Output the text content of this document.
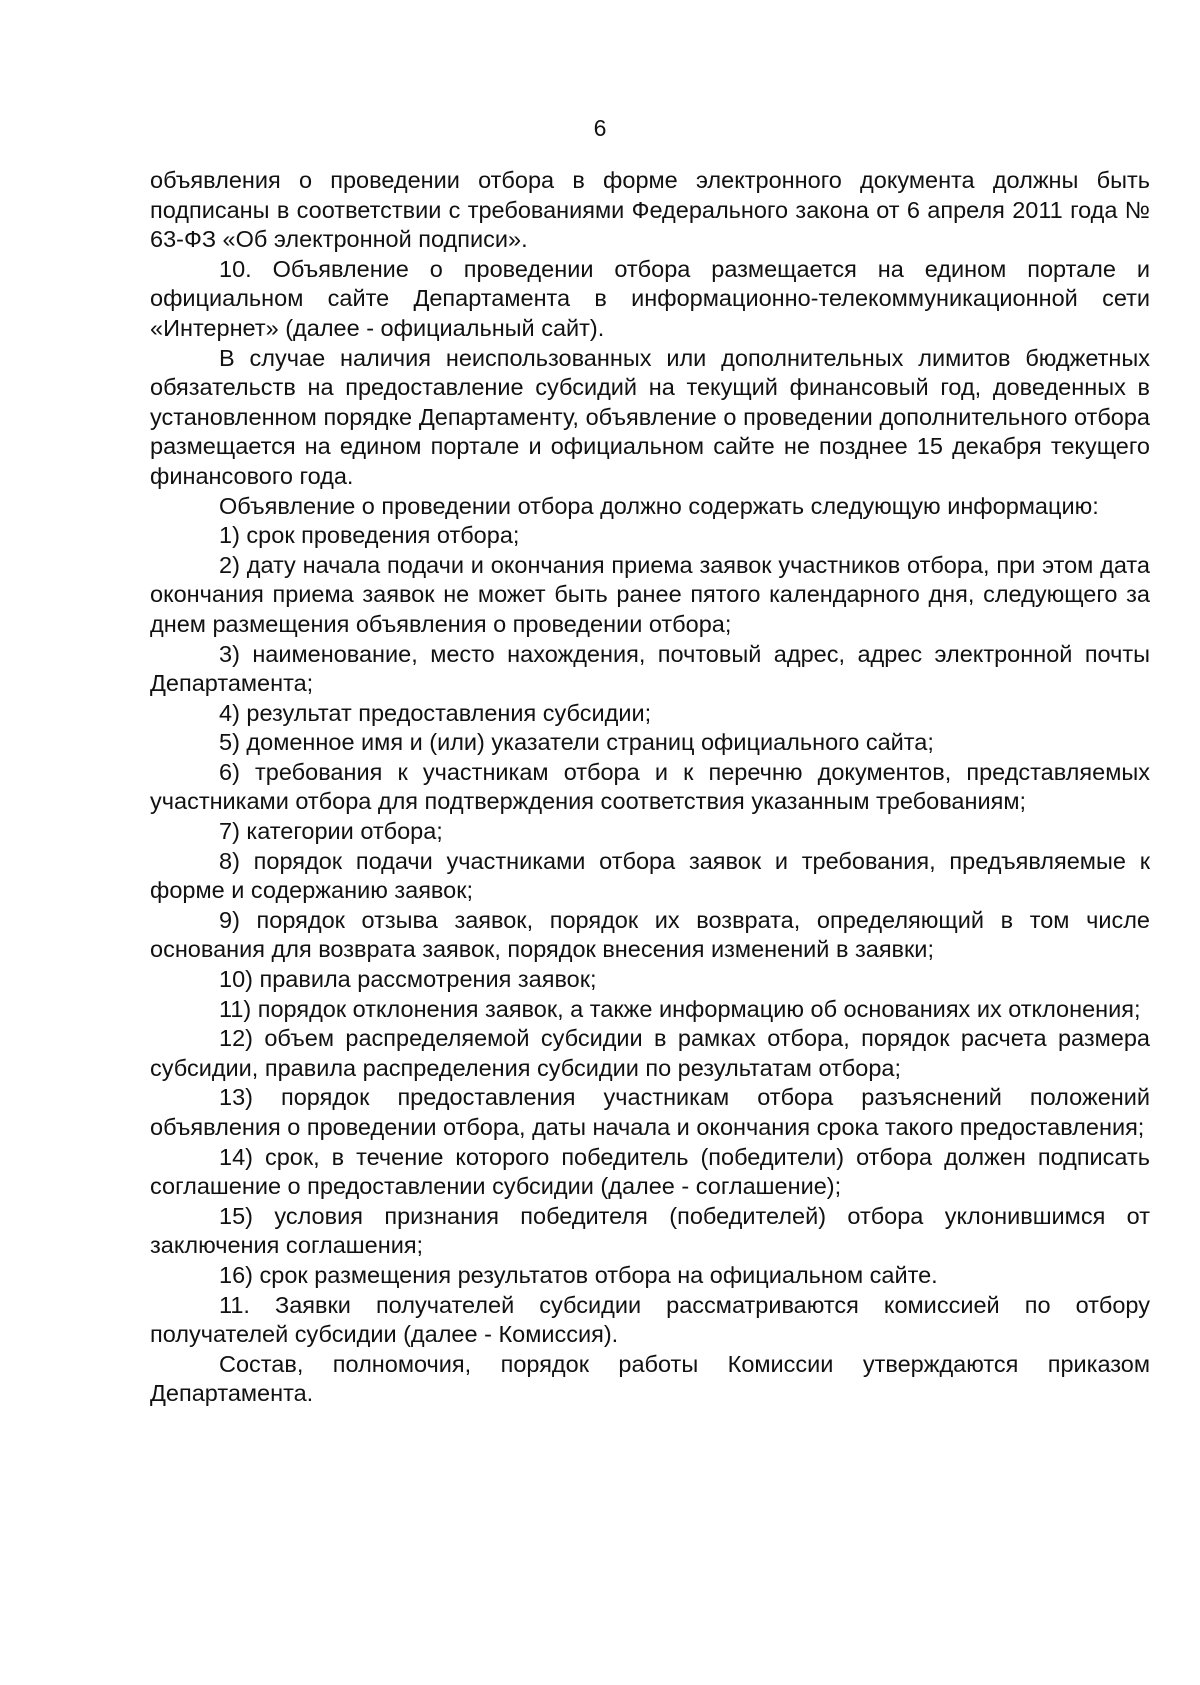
6

объявления о проведении отбора в форме электронного документа должны быть подписаны в соответствии с требованиями Федерального закона от 6 апреля 2011 года № 63-ФЗ «Об электронной подписи».

10. Объявление о проведении отбора размещается на едином портале и официальном сайте Департамента в информационно-телекоммуникационной сети «Интернет» (далее - официальный сайт).

В случае наличия неиспользованных или дополнительных лимитов бюджетных обязательств на предоставление субсидий на текущий финансовый год, доведенных в установленном порядке Департаменту, объявление о проведении дополнительного отбора размещается на едином портале и официальном сайте не позднее 15 декабря текущего финансового года.

Объявление о проведении отбора должно содержать следующую информацию:

1) срок проведения отбора;

2) дату начала подачи и окончания приема заявок участников отбора, при этом дата окончания приема заявок не может быть ранее пятого календарного дня, следующего за днем размещения объявления о проведении отбора;

3) наименование, место нахождения, почтовый адрес, адрес электронной почты Департамента;

4) результат предоставления субсидии;

5) доменное имя и (или) указатели страниц официального сайта;

6) требования к участникам отбора и к перечню документов, представляемых участниками отбора для подтверждения соответствия указанным требованиям;

7) категории отбора;

8) порядок подачи участниками отбора заявок и требования, предъявляемые к форме и содержанию заявок;

9) порядок отзыва заявок, порядок их возврата, определяющий в том числе основания для возврата заявок, порядок внесения изменений в заявки;

10) правила рассмотрения заявок;

11) порядок отклонения заявок, а также информацию об основаниях их отклонения;

12) объем распределяемой субсидии в рамках отбора, порядок расчета размера субсидии, правила распределения субсидии по результатам отбора;

13) порядок предоставления участникам отбора разъяснений положений объявления о проведении отбора, даты начала и окончания срока такого предоставления;

14) срок, в течение которого победитель (победители) отбора должен подписать соглашение о предоставлении субсидии (далее - соглашение);

15) условия признания победителя (победителей) отбора уклонившимся от заключения соглашения;

16) срок размещения результатов отбора на официальном сайте.

11. Заявки получателей субсидии рассматриваются комиссией по отбору получателей субсидии (далее - Комиссия).

Состав, полномочия, порядок работы Комиссии утверждаются приказом Департамента.
